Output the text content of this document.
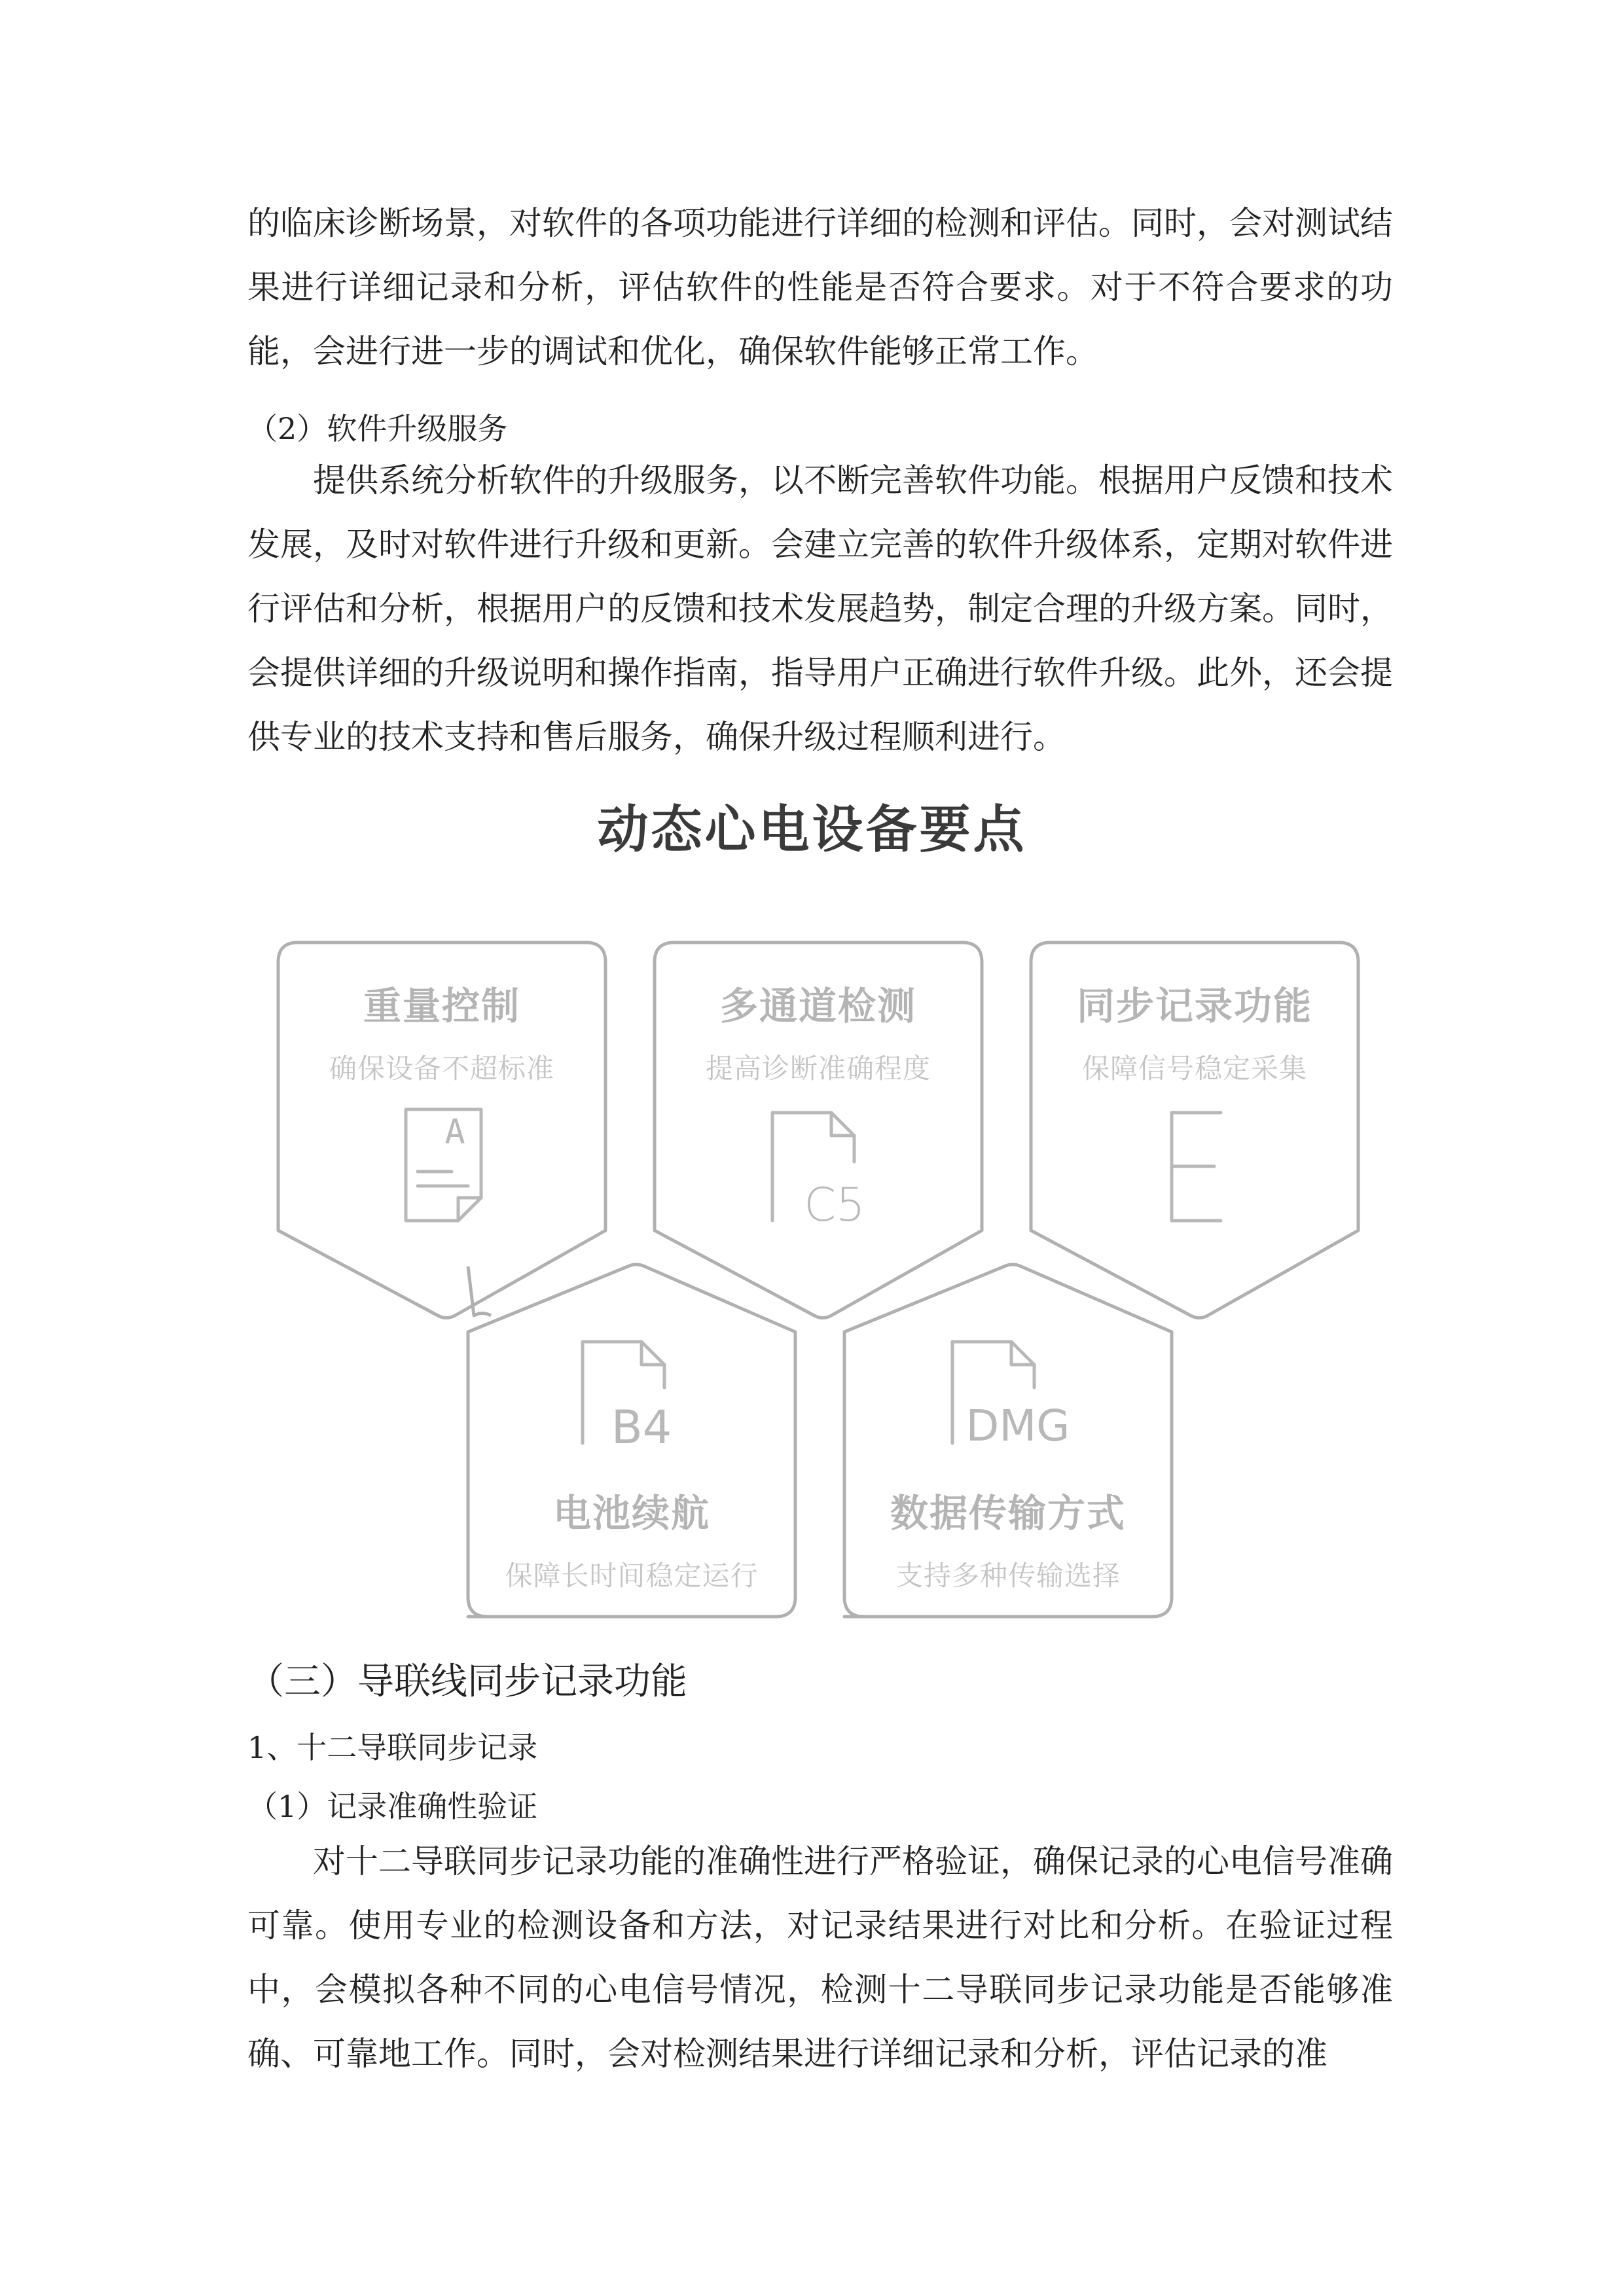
的临床诊断场景，对软件的各项功能进行详细的检测和评估。同时，会对测试结果进行详细记录和分析，评估软件的性能是否符合要求。对于不符合要求的功能，会进行进一步的调试和优化，确保软件能够正常工作。

（2）软件升级服务

提供系统分析软件的升级服务，以不断完善软件功能。根据用户反馈和技术发展，及时对软件进行升级和更新。会建立完善的软件升级体系，定期对软件进行评估和分析，根据用户的反馈和技术发展趋势，制定合理的升级方案。同时，会提供详细的升级说明和操作指南，指导用户正确进行软件升级。此外，还会提供专业的技术支持和售后服务，确保升级过程顺利进行。

动态心电设备要点
A
C5
B4	DMG
重量控制
确保设备不超标准
多通道检测
提高诊断准确程度
同步记录功能
保障信号稳定采集
电池续航
保障长时间稳定运行
数据传输方式
支持多种传输选择

（三）导联线同步记录功能

1、十二导联同步记录

（1）记录准确性验证

对十二导联同步记录功能的准确性进行严格验证，确保记录的心电信号准确可靠。使用专业的检测设备和方法，对记录结果进行对比和分析。在验证过程中，会模拟各种不同的心电信号情况，检测十二导联同步记录功能是否能够准确、可靠地工作。同时，会对检测结果进行详细记录和分析，评估记录的准
